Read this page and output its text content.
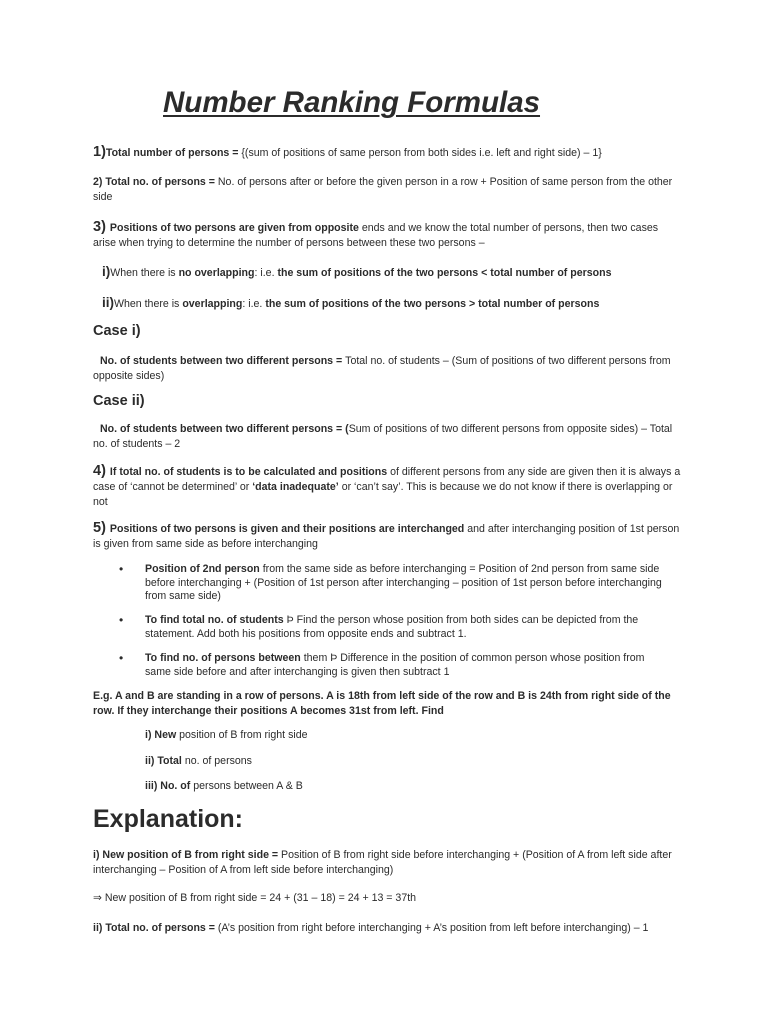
Number Ranking Formulas

1)Total number of persons = {(sum of positions of same person from both sides i.e. left and right side) – 1}

2) Total no. of persons = No. of persons after or before the given person in a row + Position of same person from the other side

3) Positions of two persons are given from opposite ends and we know the total number of persons, then two cases arise when trying to determine the number of persons between these two persons –

i)When there is no overlapping: i.e. the sum of positions of the two persons < total number of persons

ii)When there is overlapping: i.e. the sum of positions of the two persons > total number of persons

Case i)

No. of students between two different persons = Total no. of students – (Sum of positions of two different persons from opposite sides)

Case ii)

No. of students between two different persons = (Sum of positions of two different persons from opposite sides) – Total no. of students – 2

4) If total no. of students is to be calculated and positions of different persons from any side are given then it is always a case of ‘cannot be determined’ or ‘data inadequate’ or ‘can’t say’. This is because we do not know if there is overlapping or not

5) Positions of two persons is given and their positions are interchanged and after interchanging position of 1st person is given from same side as before interchanging

•	Position of 2nd person from the same side as before interchanging = Position of 2nd person from same side before interchanging + (Position of 1st person after interchanging – position of 1st person before interchanging from same side)

•	To find total no. of students Þ Find the person whose position from both sides can be depicted from the statement. Add both his positions from opposite ends and subtract 1.

•	To find no. of persons between them Þ Difference in the position of common person whose position from same side before and after interchanging is given then subtract 1

E.g. A and B are standing in a row of persons. A is 18th from left side of the row and B is 24th from right side of the row. If they interchange their positions A becomes 31st from left. Find

i) New position of B from right side

ii) Total no. of persons

iii) No. of persons between A & B

Explanation:

i) New position of B from right side = Position of B from right side before interchanging + (Position of A from left side after interchanging – Position of A from left side before interchanging)

⇒ New position of B from right side = 24 + (31 – 18) = 24 + 13 = 37th

ii) Total no. of persons = (A’s position from right before interchanging + A’s position from left before interchanging) – 1
